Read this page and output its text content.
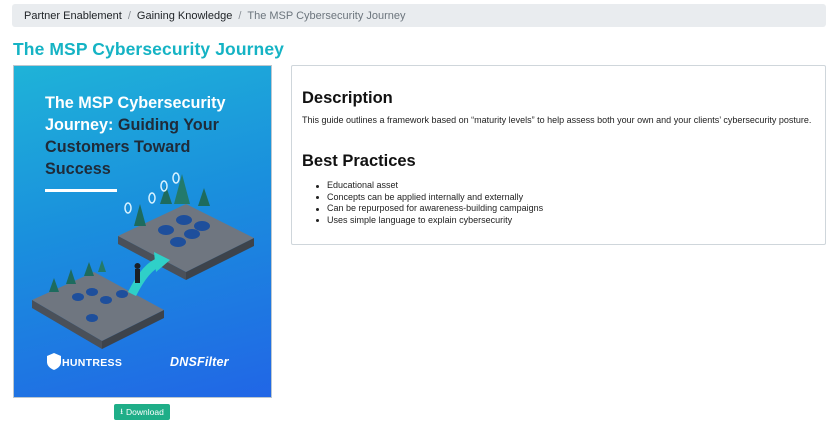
Partner Enablement / Gaining Knowledge / The MSP Cybersecurity Journey
The MSP Cybersecurity Journey
The MSP Cybersecurity
Journey: Guiding Your
Customers Toward
Success
HUNTRESS	DNSFilter
⭳ Download
Description

This guide outlines a framework based on “maturity levels” to help assess both your own and your clients’ cybersecurity posture.

Best Practices
Educational asset
Concepts can be applied internally and externally
Can be repurposed for awareness-building campaigns
Uses simple language to explain cybersecurity
